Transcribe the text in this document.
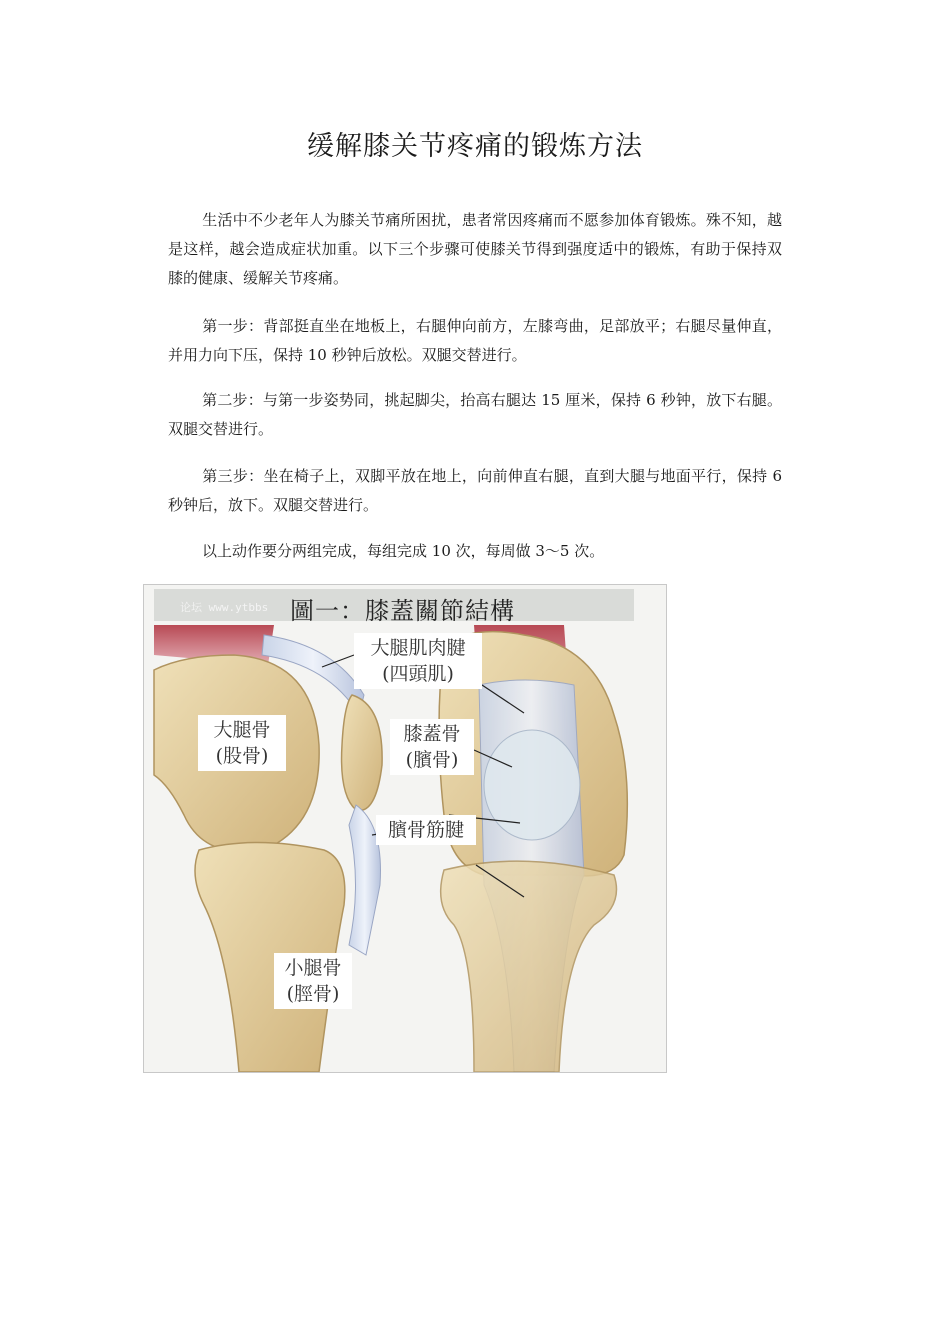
缓解膝关节疼痛的锻炼方法
生活中不少老年人为膝关节痛所困扰，患者常因疼痛而不愿参加体育锻炼。殊不知，越是这样，越会造成症状加重。以下三个步骤可使膝关节得到强度适中的锻炼，有助于保持双膝的健康、缓解关节疼痛。
第一步：背部挺直坐在地板上，右腿伸向前方，左膝弯曲，足部放平；右腿尽量伸直，并用力向下压，保持 10 秒钟后放松。双腿交替进行。
第二步：与第一步姿势同，挑起脚尖，抬高右腿达 15 厘米，保持 6 秒钟，放下右腿。双腿交替进行。
第三步：坐在椅子上，双脚平放在地上，向前伸直右腿，直到大腿与地面平行，保持 6 秒钟后，放下。双腿交替进行。
以上动作要分两组完成，每组完成 10 次，每周做 3～5 次。
论坛 www.ytbbs 圖一：膝蓋關節結構
大腿肌肉腱
(四頭肌)
大腿骨
(股骨)
膝蓋骨
(臏骨)
臏骨筋腱
小腿骨
(脛骨)
